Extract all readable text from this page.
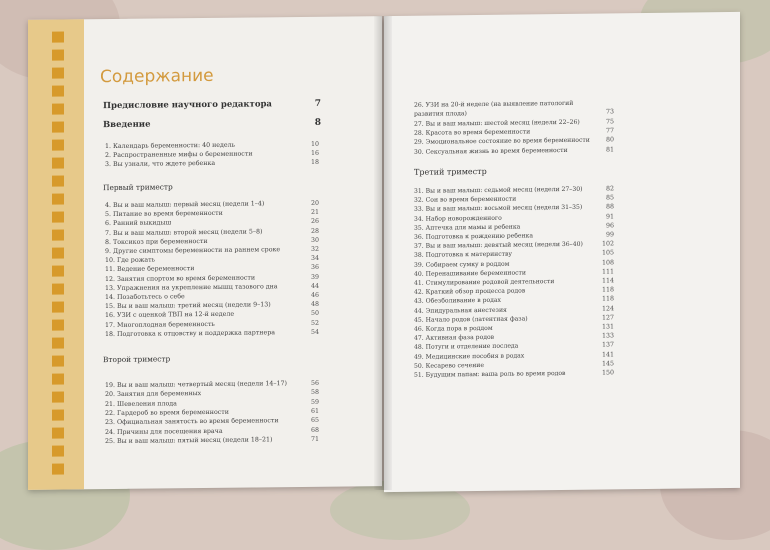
Содержание
Предисловие научного редактора	7
Введение	8
1. Календарь беременности: 40 недель	10
2. Распространенные мифы о беременности	16
3. Вы узнали, что ждете ребенка	18
Первый триместр
4. Вы и ваш малыш: первый месяц (недели 1–4)	20
5. Питание во время беременности	21
6. Ранний выкидыш	26
7. Вы и ваш малыш: второй месяц (недели 5–8)	28
8. Токсикоз при беременности	30
9. Другие симптомы беременности на раннем сроке	32
10. Где рожать	34
11. Ведение беременности	36
12. Занятия спортом во время беременности	39
13. Упражнения на укрепление мышц тазового дна	44
14. Позаботьтесь о себе	46
15. Вы и ваш малыш: третий месяц (недели 9–13)	48
16. УЗИ с оценкой ТВП на 12-й неделе	50
17. Многоплодная беременность	52
18. Подготовка к отцовству и поддержка партнера	54
Второй триместр
19. Вы и ваш малыш: четвертый месяц (недели 14–17)	56
20. Занятия для беременных	58
21. Шевеления плода	59
22. Гардероб во время беременности	61
23. Официальная занятость во время беременности	65
24. Причины для посещения врача	68
25. Вы и ваш малыш: пятый месяц (недели 18–21)	71
26. УЗИ на 20-й неделе (на выявление патологий
развития плода)	73
27. Вы и ваш малыш: шестой месяц (недели 22–26)	75
28. Красота во время беременности	77
29. Эмоциональное состояние во время беременности	80
30. Сексуальная жизнь во время беременности	81
Третий триместр
31. Вы и ваш малыш: седьмой месяц (недели 27–30)	82
32. Сон во время беременности	85
33. Вы и ваш малыш: восьмой месяц (недели 31–35)	88
34. Набор новорожденного	91
35. Аптечка для мамы и ребенка	96
36. Подготовка к рождению ребенка	99
37. Вы и ваш малыш: девятый месяц (недели 36–40)	102
38. Подготовка к материнству	105
39. Собираем сумку в роддом	108
40. Перенашивание беременности	111
41. Стимулирование родовой деятельности	114
42. Краткий обзор процесса родов	118
43. Обезболивание в родах	118
44. Эпидуральная анестезия	124
45. Начало родов (латентная фаза)	127
46. Когда пора в роддом	131
47. Активная фаза родов	133
48. Потуги и отделение последа	137
49. Медицинские пособия в родах	141
50. Кесарево сечение	145
51. Будущим папам: ваша роль во время родов	150
